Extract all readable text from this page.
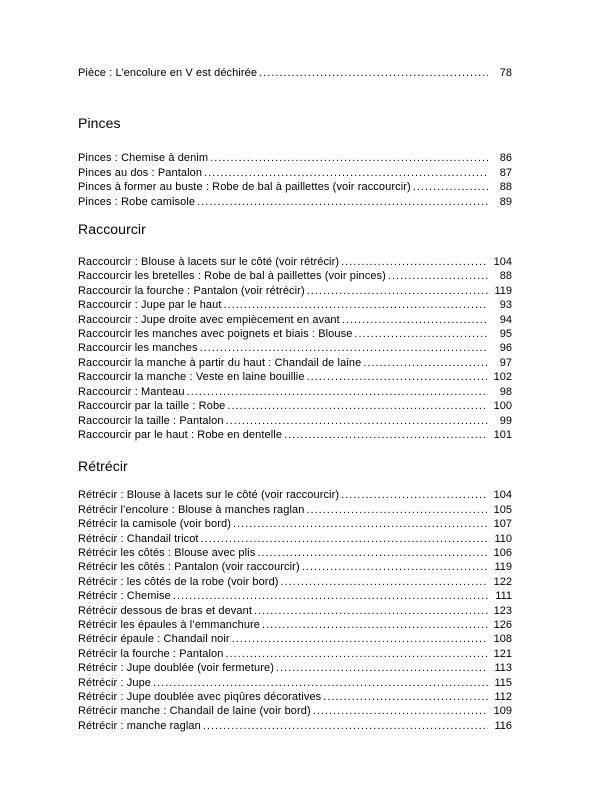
Pièce : L’encolure en V est déchirée .....	78
Pinces
Pinces : Chemise à denim .....	86
Pinces au dos : Pantalon .....	87
Pinces à former au buste : Robe de bal à paillettes (voir raccourcir) .....	88
Pinces : Robe camisole .....	89
Raccourcir
Raccourcir : Blouse à lacets sur le côté (voir rétrécir) .....	104
Raccourcir les bretelles : Robe de bal à paillettes (voir pinces) .....	88
Raccourcir la fourche : Pantalon (voir rétrécir) .....	119
Raccourcir : Jupe par le haut .....	93
Raccourcir : Jupe droite avec empiècement en avant .....	94
Raccourcir les manches avec poignets et biais : Blouse .....	95
Raccourcir les manches .....	96
Raccourcir la manche à partir du haut : Chandail de laine .....	97
Raccourcir la manche : Veste en laine bouillie .....	102
Raccourcir : Manteau .....	98
Raccourcir par la taille : Robe .....	100
Raccourcir la taille : Pantalon .....	99
Raccourcir par le haut : Robe en dentelle .....	101
Rétrécir
Rétrécir : Blouse à lacets sur le côté (voir raccourcir) .....	104
Rétrécir l’encolure : Blouse à manches raglan .....	105
Rétrécir la camisole (voir bord) .....	107
Rétrécir : Chandail tricot .....	110
Rétrécir les côtés : Blouse avec plis .....	106
Rétrécir les côtés : Pantalon (voir raccourcir) .....	119
Rétrécir : les côtés de la robe (voir bord) .....	122
Rétrécir : Chemise .....	111
Rétrécir dessous de bras et devant .....	123
Rétrécir les épaules à l’emmanchure .....	126
Rétrécir épaule : Chandail noir .....	108
Rétrécir la fourche : Pantalon .....	121
Rétrécir : Jupe doublée (voir fermeture) .....	113
Rétrécir : Jupe .....	115
Rétrécir : Jupe doublée avec piqûres décoratives .....	112
Rétrécir manche : Chandail de laine (voir bord) .....	109
Rétrécir : manche raglan .....	116
